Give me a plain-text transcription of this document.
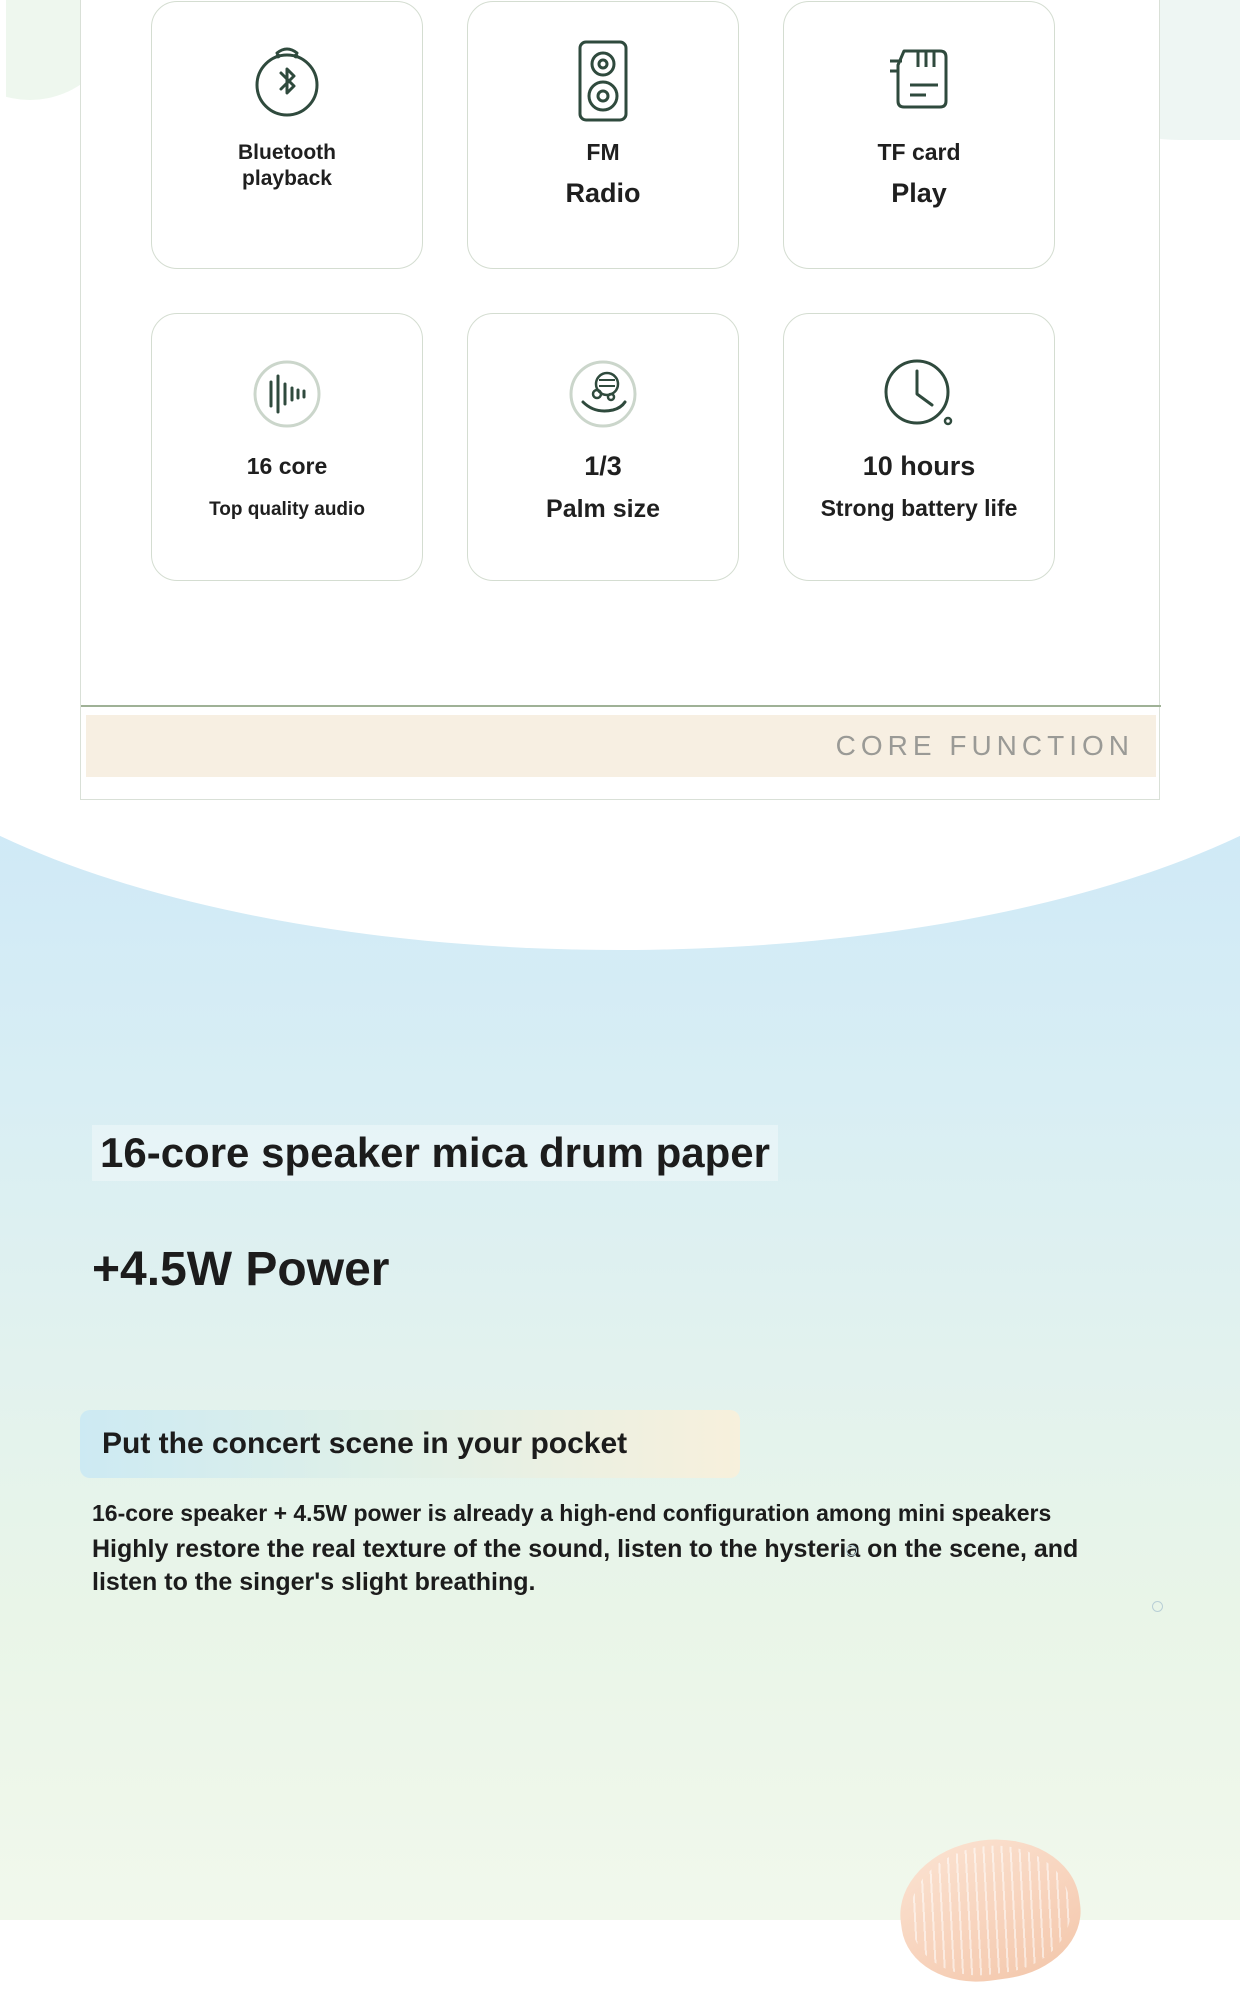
Bluetooth
playback
FM
Radio
TF card
Play
16 core
Top quality audio
1/3
Palm size
10 hours
Strong battery life
CORE FUNCTION
16-core speaker mica drum paper
+4.5W Power
Put the concert scene in your pocket
16-core speaker + 4.5W power is already a high-end configuration among mini speakers
Highly restore the real texture of the sound, listen to the hysteria on the scene, and listen to the singer's slight breathing.
